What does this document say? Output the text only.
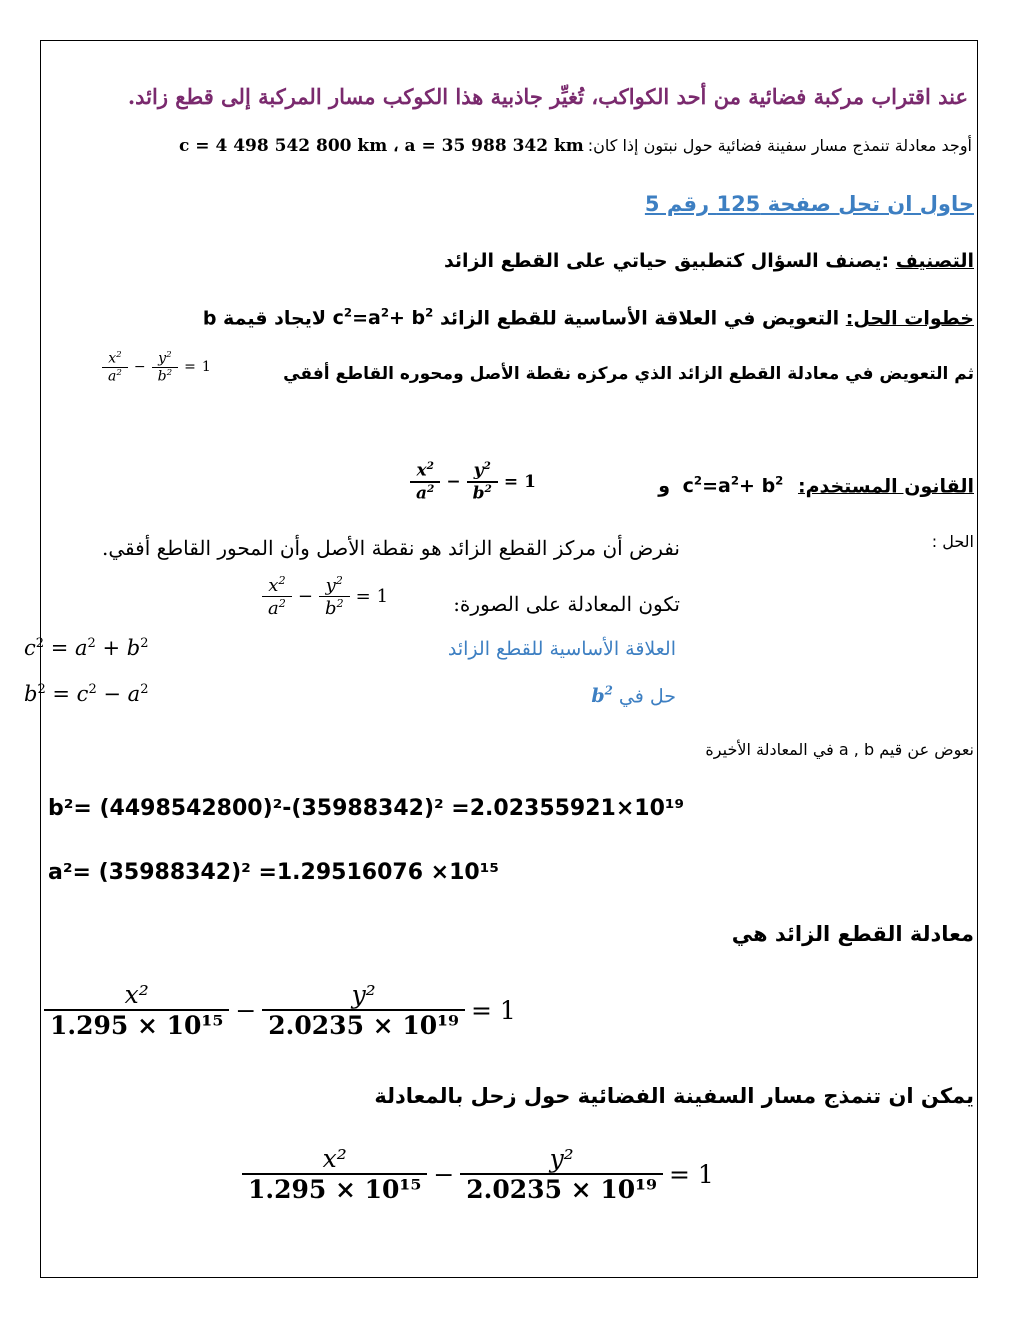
عند اقتراب مركبة فضائية من أحد الكواكب، تُغيِّر جاذبية هذا الكوكب مسار المركبة إلى قطع زائد.
c = 4 498 542 800 km ، a = 35 988 342 km أوجد معادلة تنمذج مسار سفينة فضائية حول نبتون إذا كان:
حاول ان تحل صفحة 125 رقم 5
التصنيف :يصنف السؤال كتطبيق حياتي على القطع الزائد
خطوات الحل: التعويض في العلاقة الأساسية للقطع الزائد $c^2=a^2+ b^2$ لايجاد قيمة b
ثم التعويض في معادلة القطع الزائد الذي مركزه نقطة الأصل ومحوره القاطع أفقي
$\frac{x^2}{a^2} - \frac{y^2}{b^2} = 1$
القانون المستخدم: $c^2=a^2+ b^2$ و
$\frac{x^2}{a^2} - \frac{y^2}{b^2} = 1$
الحل :
نفرض أن مركز القطع الزائد هو نقطة الأصل وأن المحور القاطع أفقي.
تكون المعادلة على الصورة:
$\frac{x^2}{a^2} - \frac{y^2}{b^2} = 1$
$c^2 = a^2 + b^2$	العلاقة الأساسية للقطع الزائد
$b^2 = c^2 - a^2$	حل في $b^2$
نعوض عن قيم a , b في المعادلة الأخيرة
b²= (4498542800)²-(35988342)² =2.02355921×10¹⁹
a²= (35988342)² =1.29516076 ×10¹⁵
معادلة القطع الزائد هي
$\frac{\text{x²}}{\text{1.295 × 10¹⁵}} - \frac{\text{y²}}{\text{2.0235 × 10¹⁹}} = 1$
يمكن ان تنمذج مسار السفينة الفضائية حول زحل بالمعادلة
$\frac{\text{x²}}{\text{1.295 × 10¹⁵}} - \frac{\text{y²}}{\text{2.0235 × 10¹⁹}} = 1$
